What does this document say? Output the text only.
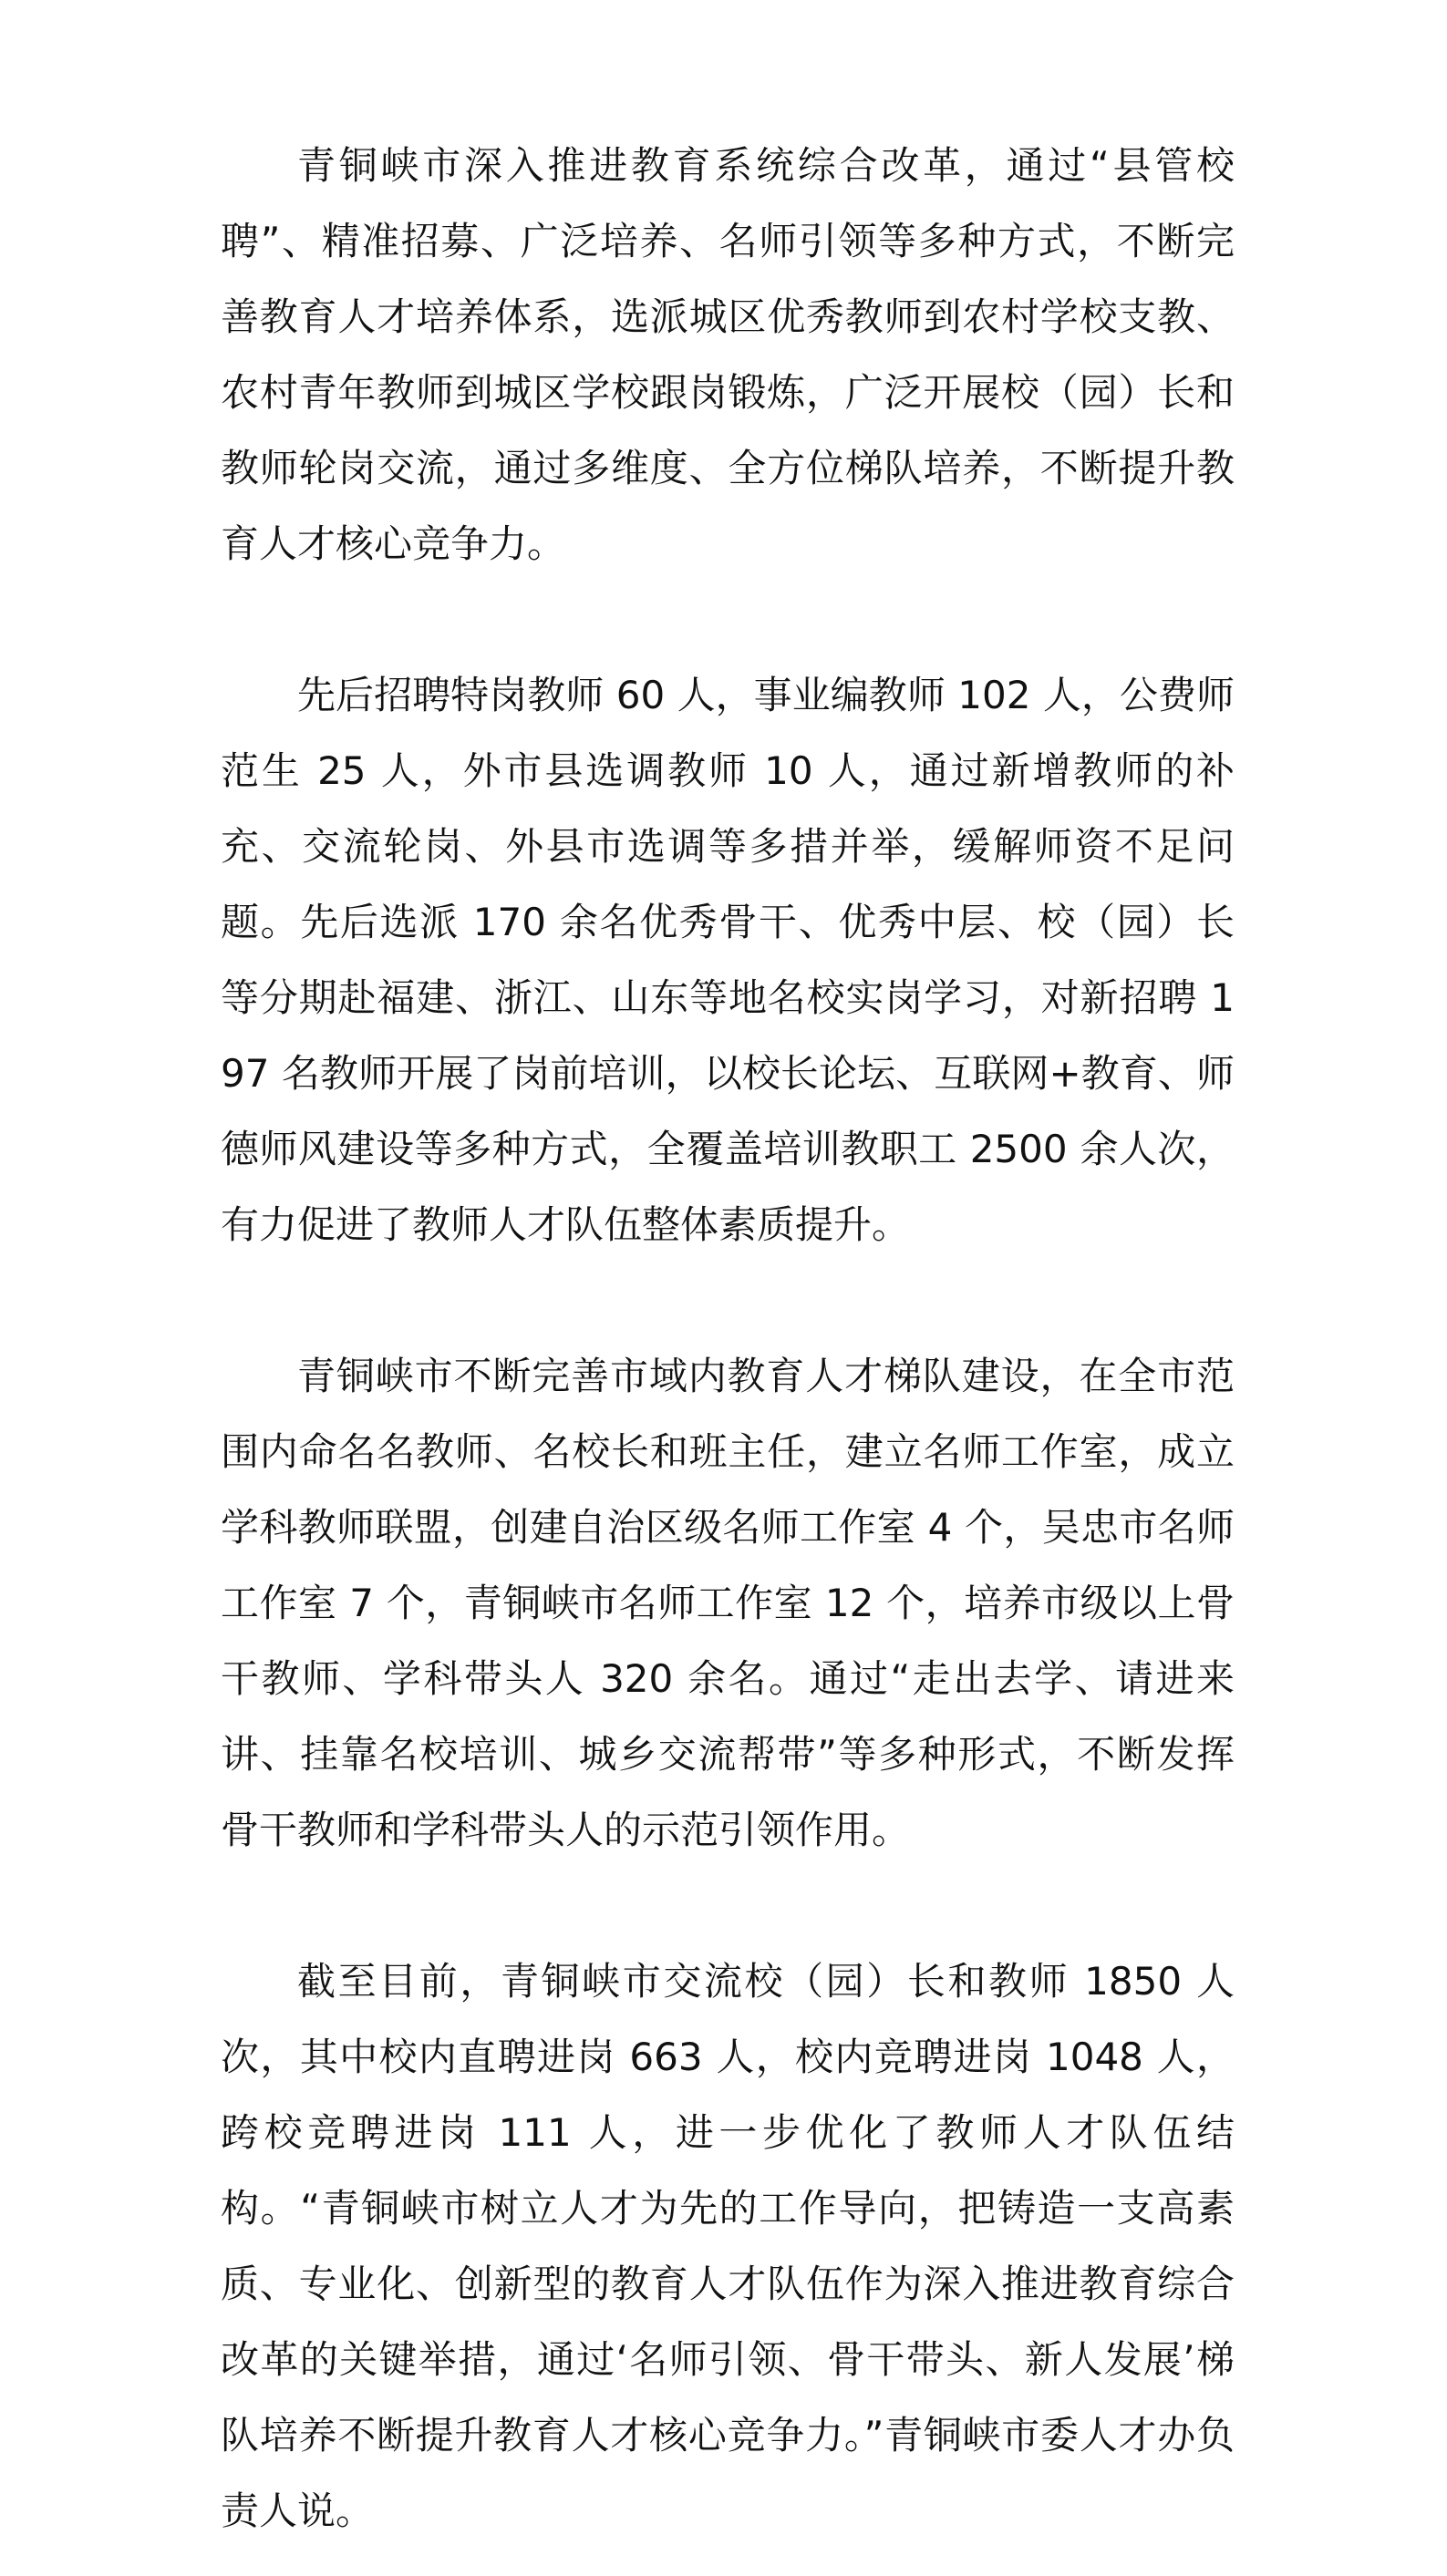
青铜峡市深入推进教育系统综合改革，通过“县管校聘”、精准招募、广泛培养、名师引领等多种方式，不断完善教育人才培养体系，选派城区优秀教师到农村学校支教、农村青年教师到城区学校跟岗锻炼，广泛开展校（园）长和教师轮岗交流，通过多维度、全方位梯队培养，不断提升教育人才核心竞争力。

先后招聘特岗教师 60 人，事业编教师 102 人，公费师范生 25 人，外市县选调教师 10 人，通过新增教师的补充、交流轮岗、外县市选调等多措并举，缓解师资不足问题。先后选派 170 余名优秀骨干、优秀中层、校（园）长等分期赴福建、浙江、山东等地名校实岗学习，对新招聘 197 名教师开展了岗前培训，以校长论坛、互联网+教育、师德师风建设等多种方式，全覆盖培训教职工 2500 余人次，有力促进了教师人才队伍整体素质提升。

青铜峡市不断完善市域内教育人才梯队建设，在全市范围内命名名教师、名校长和班主任，建立名师工作室，成立学科教师联盟，创建自治区级名师工作室 4 个，吴忠市名师工作室 7 个，青铜峡市名师工作室 12 个，培养市级以上骨干教师、学科带头人 320 余名。通过“走出去学、请进来讲、挂靠名校培训、城乡交流帮带”等多种形式，不断发挥骨干教师和学科带头人的示范引领作用。

截至目前，青铜峡市交流校（园）长和教师 1850 人次，其中校内直聘进岗 663 人，校内竞聘进岗 1048 人，跨校竞聘进岗 111 人，进一步优化了教师人才队伍结构。“青铜峡市树立人才为先的工作导向，把铸造一支高素质、专业化、创新型的教育人才队伍作为深入推进教育综合改革的关键举措，通过‘名师引领、骨干带头、新人发展’梯队培养不断提升教育人才核心竞争力。”青铜峡市委人才办负责人说。
